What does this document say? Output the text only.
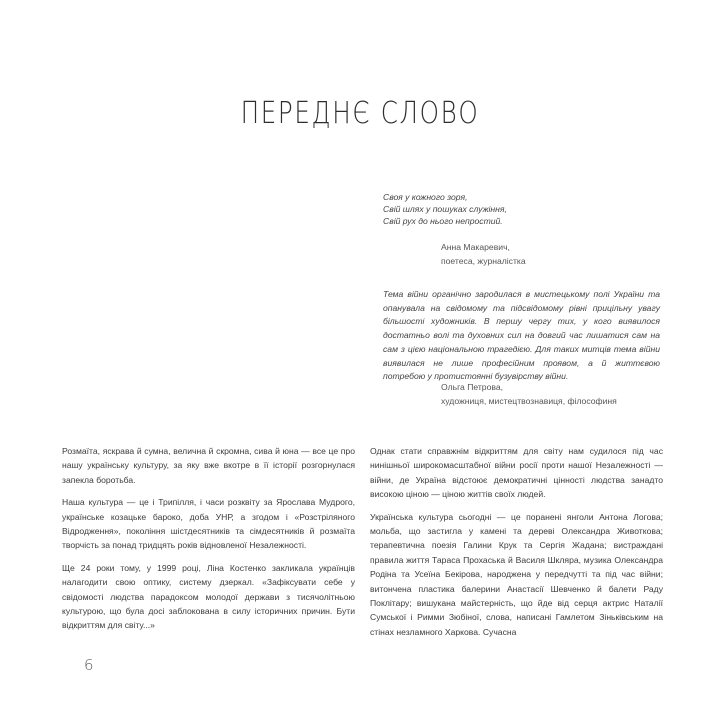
ПЕРЕДНЄ СЛОВО
Своя у кожного зоря,
Свій шлях у пошуках служіння,
Свій рух до нього непростий.
Анна Макаревич,
поетеса, журналістка
Тема війни органічно зародилася в мистецькому полі України та опанувала на свідомому та підсвідомому рівні прицільну увагу більшості художників. В першу чергу тих, у кого виявилося достатньо волі та духовних сил на довгий час лишатися сам на сам з цією національною трагедією. Для таких митців тема війни виявилася не лише професійним проявом, а й життєвою потребою у протистоянні бузувірству війни.
Ольга Петрова,
художниця, мистецтвознавиця, філософиня

Розмаїта, яскрава й сумна, велична й скромна, сива й юна — все це про нашу українську культуру, за яку вже вкотре в її історії розгорнулася запекла боротьба.

Наша культура — це і Трипілля, і часи розквіту за Ярослава Мудрого, українське козацьке бароко, доба УНР, а згодом і «Розстріляного Відродження», покоління шістдесятників та сімдесятників й розмаїта творчість за понад тридцять років відновленої Незалежності.

Ще 24 роки тому, у 1999 році, Ліна Костенко закликала українців налагодити свою оптику, систему дзеркал. «Зафіксувати себе у свідомості людства парадоксом молодої держави з тисячолітньою культурою, що була досі заблокована в силу історичних причин. Бути відкриттям для світу...»

Однак стати справжнім відкриттям для світу нам судилося під час нинішньої широкомасштабної війни росії проти нашої Незалежності — війни, де Україна відстоює демократичні цінності людства занадто високою ціною — ціною життів своїх людей.

Українська культура сьогодні — це поранені янголи Антона Логова; мольба, що застигла у камені та дереві Олександра Животкова; терапевтична поезія Галини Крук та Сергія Жадана; вистраждані правила життя Тараса Прохаська й Василя Шкляра, музика Олександра Родіна та Усеїна Бекірова, народжена у передчутті та під час війни; витончена пластика балерини Анастасії Шевченко й балети Раду Поклітару; вишукана майстерність, що йде від серця актрис Наталії Сумської і Римми Зюбіної, слова, написані Гамлетом Зіньківським на стінах незламного Харкова. Сучасна

6
